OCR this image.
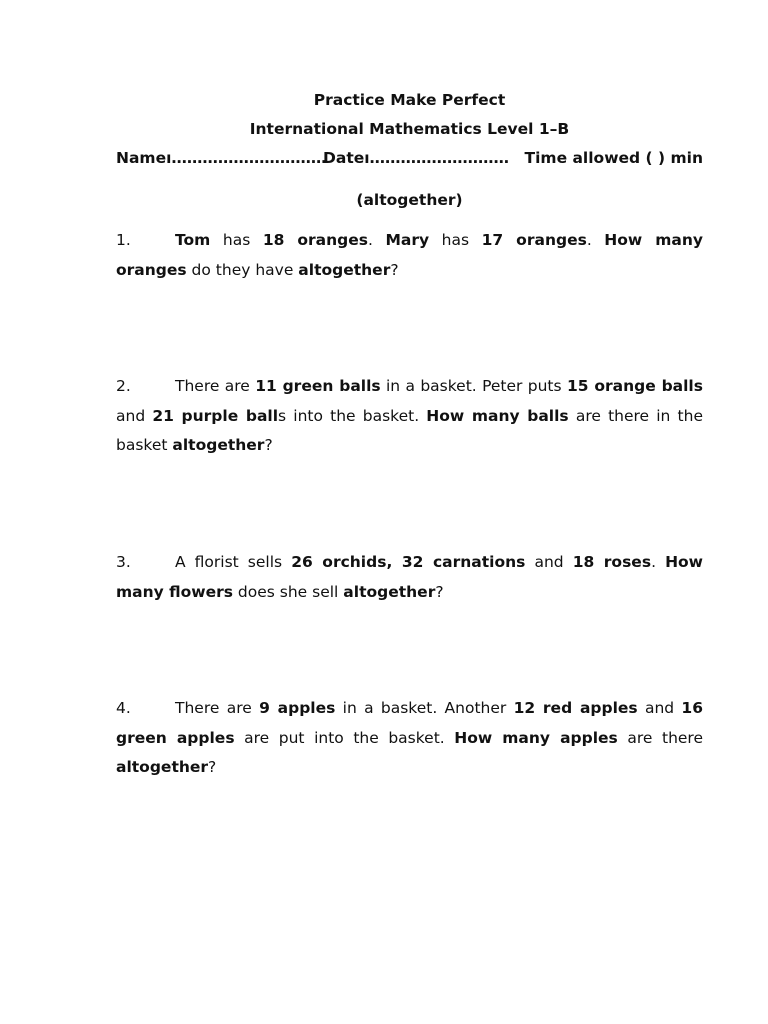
Practice Make Perfect
International Mathematics Level 1–B
Nameı…………………………
Dateı……………………… Time allowed ( ) min
(altogether)
1.	Tom has 18 oranges. Mary has 17 oranges. How many oranges do they have altogether?
2.	There are 11 green balls in a basket. Peter puts 15 orange balls and 21 purple balls into the basket. How many balls are there in the basket altogether?
3.	A florist sells 26 orchids, 32 carnations and 18 roses. How many flowers does she sell altogether?
4.	There are 9 apples in a basket. Another 12 red apples and 16 green apples are put into the basket. How many apples are there altogether?
